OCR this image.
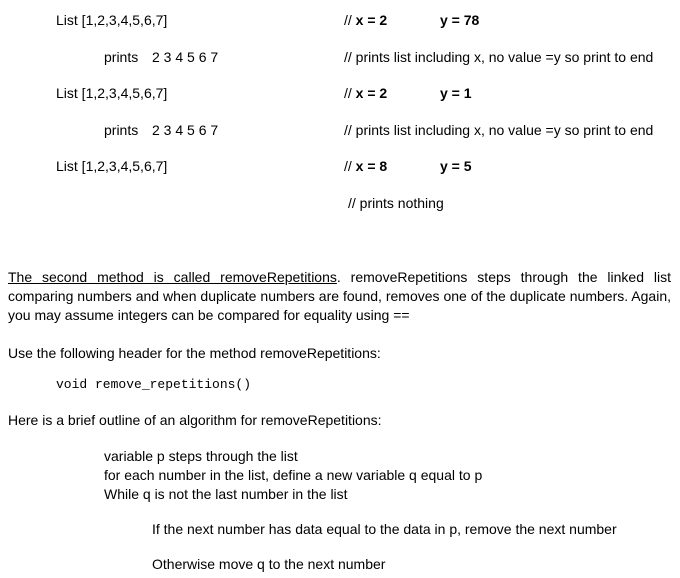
List [1,2,3,4,5,6,7]	// x = 2	y = 78
prints 2 3 4 5 6 7	// prints list including x, no value =y so print to end
List [1,2,3,4,5,6,7]	// x = 2	y = 1
prints 2 3 4 5 6 7	// prints list including x, no value =y so print to end
List [1,2,3,4,5,6,7]	// x = 8	y = 5
// prints nothing
The second method is called removeRepetitions. removeRepetitions steps through the linked list comparing numbers and when duplicate numbers are found, removes one of the duplicate numbers. Again, you may assume integers can be compared for equality using ==
Use the following header for the method removeRepetitions:
void remove_repetitions()
Here is a brief outline of an algorithm for removeRepetitions:
variable p steps through the list
for each number in the list, define a new variable q equal to p
While q is not the last number in the list
If the next number has data equal to the data in p, remove the next number
Otherwise move q to the next number
